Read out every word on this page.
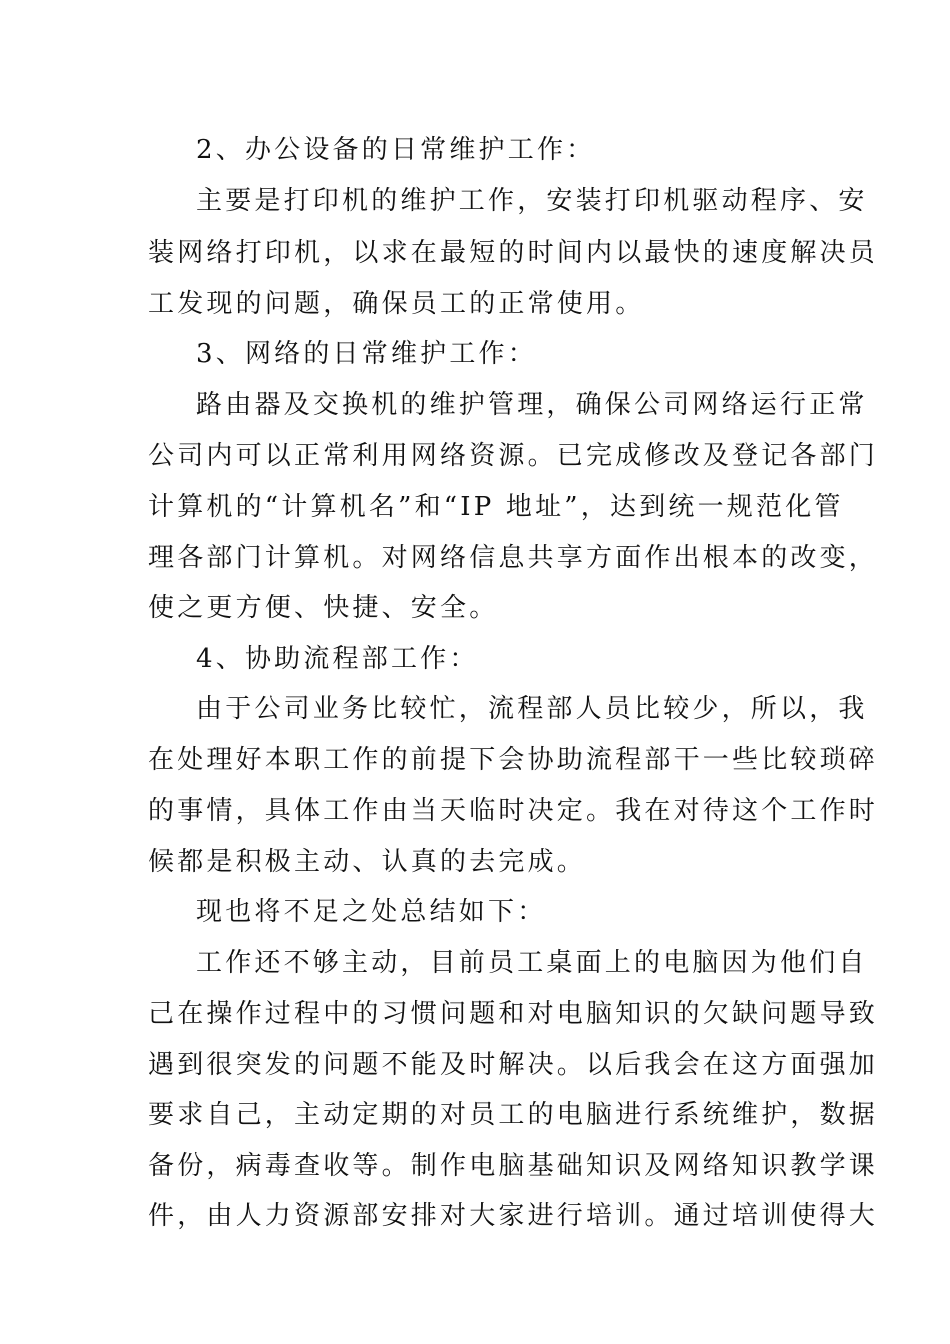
2、办公设备的日常维护工作：
主要是打印机的维护工作，安装打印机驱动程序、安
装网络打印机，以求在最短的时间内以最快的速度解决员
工发现的问题，确保员工的正常使用。
3、网络的日常维护工作：
路由器及交换机的维护管理，确保公司网络运行正常
公司内可以正常利用网络资源。已完成修改及登记各部门
计算机的“计算机名”和“IP 地址”，达到统一规范化管
理各部门计算机。对网络信息共享方面作出根本的改变，
使之更方便、快捷、安全。
4、协助流程部工作：
由于公司业务比较忙，流程部人员比较少，所以，我
在处理好本职工作的前提下会协助流程部干一些比较琐碎
的事情，具体工作由当天临时决定。我在对待这个工作时
候都是积极主动、认真的去完成。
现也将不足之处总结如下：
工作还不够主动，目前员工桌面上的电脑因为他们自
己在操作过程中的习惯问题和对电脑知识的欠缺问题导致
遇到很突发的问题不能及时解决。以后我会在这方面强加
要求自己，主动定期的对员工的电脑进行系统维护，数据
备份，病毒查收等。制作电脑基础知识及网络知识教学课
件，由人力资源部安排对大家进行培训。通过培训使得大
